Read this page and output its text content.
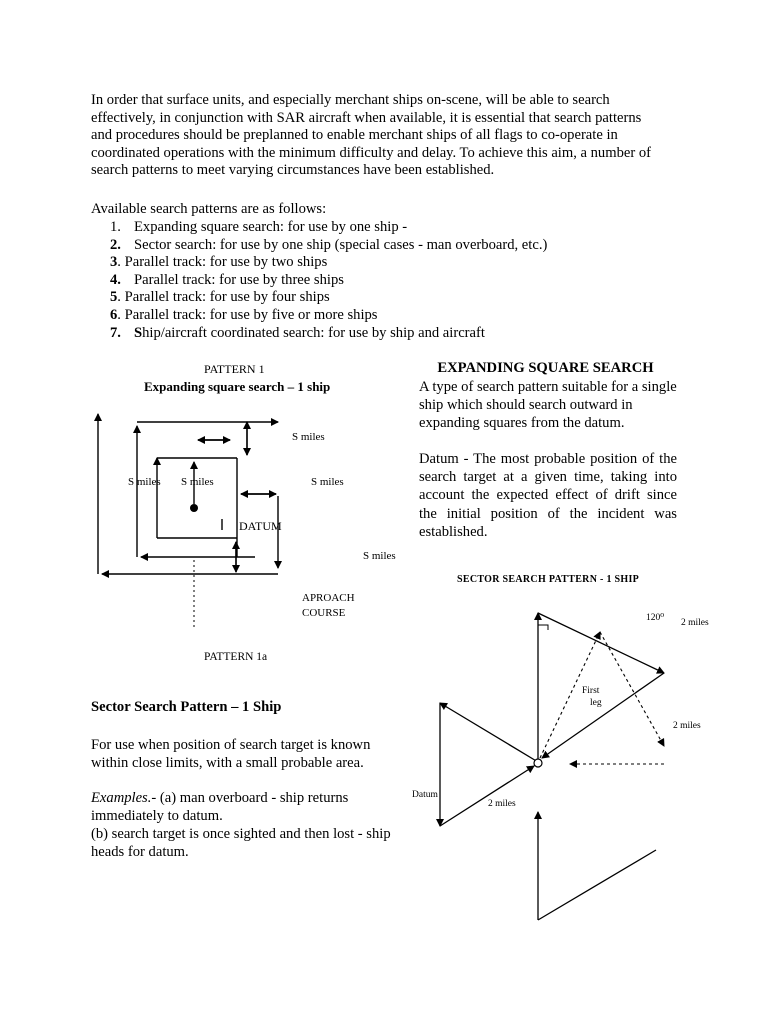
In order that surface units, and especially merchant ships on-scene, will be able to search
effectively, in conjunction with SAR aircraft when available, it is essential that search patterns
and procedures should be preplanned to enable merchant ships of all flags to co-operate in
coordinated operations with the minimum difficulty and delay. To achieve this aim, a number of
search patterns to meet varying circumstances have been established.
Available search patterns are as follows:
1. Expanding square search: for use by one ship -
2. Sector search: for use by one ship (special cases - man overboard, etc.)
3. Parallel track: for use by two ships
4. Parallel track: for use by three ships
5. Parallel track: for use by four ships
6. Parallel track: for use by five or more ships
7. Ship/aircraft coordinated search: for use by ship and aircraft
PATTERN 1
Expanding square search – 1 ship
S miles
S miles S miles	S miles
S miles
DATUM
APROACH
COURSE
PATTERN 1a
EXPANDING SQUARE SEARCH
A type of search pattern suitable for a single ship which should search outward in expanding squares from the datum.
Datum - The most probable position of the search target at a given time, taking into account the expected effect of drift since the initial position of the incident was established.
SECTOR SEARCH PATTERN - 1 SHIP
120⁰ 2 miles
2 miles
2 miles
First
leg
Datum
Sector Search Pattern – 1 Ship
For use when position of search target is known within close limits, with a small probable area.
Examples.- (a) man overboard - ship returns immediately to datum.
(b) search target is once sighted and then lost - ship heads for datum.
